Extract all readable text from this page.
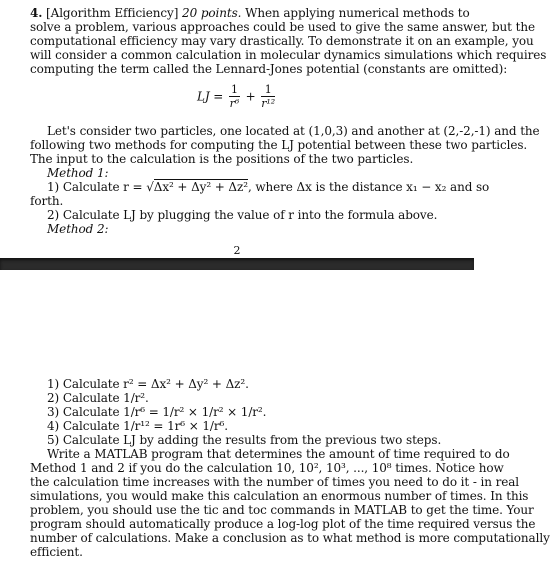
4. [Algorithm Efficiency] 20 points. When applying numerical methods to
solve a problem, various approaches could be used to give the same answer, but the
computational efficiency may vary drastically. To demonstrate it on an example, you
will consider a common calculation in molecular dynamics simulations which requires
computing the term called the Lennard-Jones potential (constants are omitted):
LJ = $\frac{1}{\text{r⁶}} + \frac{1}{\text{r¹²}}$
Let's consider two particles, one located at (1,0,3) and another at (2,-2,-1) and the
following two methods for computing the LJ potential between these two particles.
The input to the calculation is the positions of the two particles.
Method 1:
1) Calculate r = √Δx² + Δy² + Δz², where Δx is the distance x₁ − x₂ and so
forth.
2) Calculate LJ by plugging the value of r into the formula above.
Method 2:
2
1) Calculate r² = Δx² + Δy² + Δz².
2) Calculate 1/r².
3) Calculate 1/r⁶ = 1/r² × 1/r² × 1/r².
4) Calculate 1/r¹² = 1r⁶ × 1/r⁶.
5) Calculate LJ by adding the results from the previous two steps.
Write a MATLAB program that determines the amount of time required to do
Method 1 and 2 if you do the calculation 10, 10², 10³, ..., 10⁸ times. Notice how
the calculation time increases with the number of times you need to do it - in real
simulations, you would make this calculation an enormous number of times. In this
problem, you should use the tic and toc commands in MATLAB to get the time. Your
program should automatically produce a log-log plot of the time required versus the
number of calculations. Make a conclusion as to what method is more computationally
efficient.
